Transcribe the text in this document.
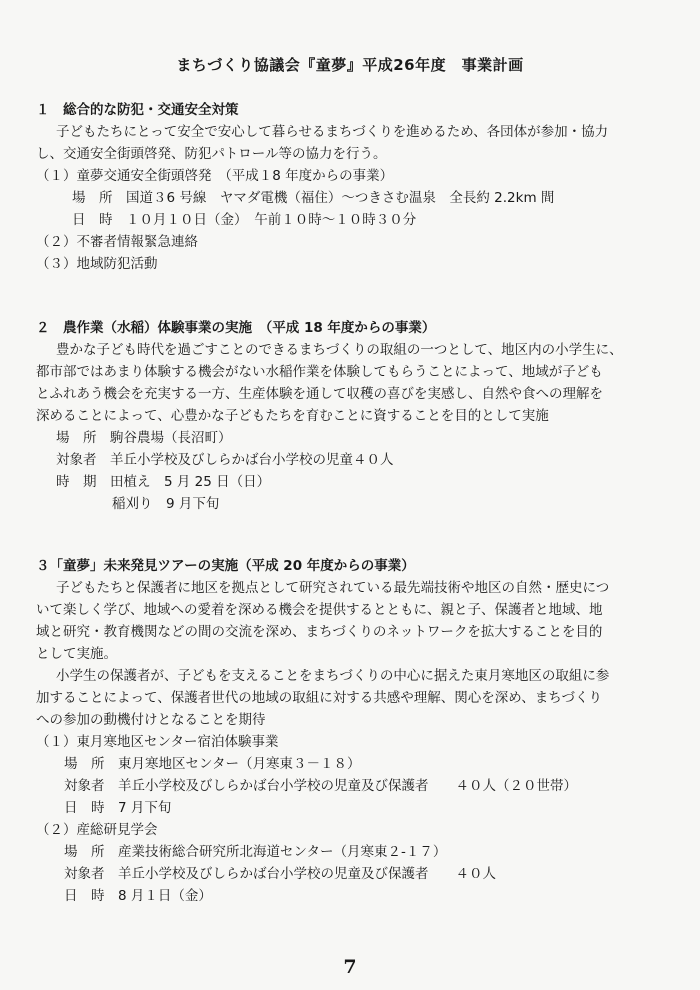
まちづくり協議会『童夢』平成26年度　事業計画
１　総合的な防犯・交通安全対策
子どもたちにとって安全で安心して暮らせるまちづくりを進めるため、各団体が参加・協力
し、交通安全街頭啓発、防犯パトロール等の協力を行う。
（１）童夢交通安全街頭啓発　（平成１8 年度からの事業）
場　所　国道３6 号線　ヤマダ電機（福住）～つきさむ温泉　全長約 2.2km 間
日　時　１０月１０日（金）　午前１０時～１０時３０分
（２）不審者情報緊急連絡
（３）地域防犯活動
２　農作業（水稲）体験事業の実施　（平成 18 年度からの事業）
豊かな子ども時代を過ごすことのできるまちづくりの取組の一つとして、地区内の小学生に、
都市部ではあまり体験する機会がない水稲作業を体験してもらうことによって、地域が子ども
とふれあう機会を充実する一方、生産体験を通して収穫の喜びを実感し、自然や食への理解を
深めることによって、心豊かな子どもたちを育むことに資することを目的として実施
場　所　駒谷農場（長沼町）
対象者　羊丘小学校及びしらかば台小学校の児童４０人
時　期　田植え　5 月 25 日（日）
稲刈り　9 月下旬
３「童夢」未来発見ツアーの実施（平成 20 年度からの事業）
子どもたちと保護者に地区を拠点として研究されている最先端技術や地区の自然・歴史につ
いて楽しく学び、地域への愛着を深める機会を提供するとともに、親と子、保護者と地域、地
域と研究・教育機関などの間の交流を深め、まちづくりのネットワークを拡大することを目的
として実施。
小学生の保護者が、子どもを支えることをまちづくりの中心に据えた東月寒地区の取組に参
加することによって、保護者世代の地域の取組に対する共感や理解、関心を深め、まちづくり
への参加の動機付けとなることを期待
（１）東月寒地区センター宿泊体験事業
場　所　東月寒地区センター（月寒東３－１８）
対象者　羊丘小学校及びしらかば台小学校の児童及び保護者　　４０人（２０世帯）
日　時　7 月下旬
（２）産総研見学会
場　所　産業技術総合研究所北海道センター（月寒東２-１７）
対象者　羊丘小学校及びしらかば台小学校の児童及び保護者　　４０人
日　時　8 月１日（金）
7
